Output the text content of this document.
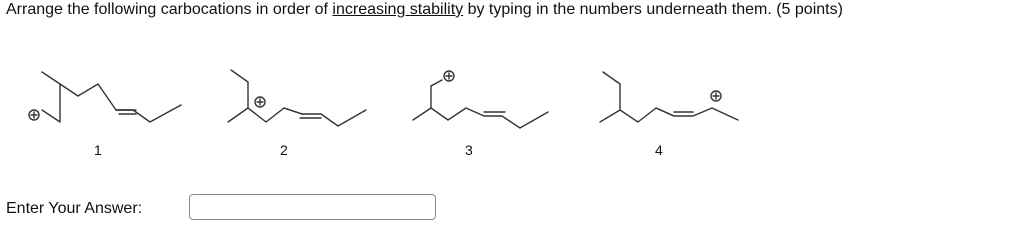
Arrange the following carbocations in order of increasing stability by typing in the numbers underneath them. (5 points)
1	2	3	4
Enter Your Answer:
